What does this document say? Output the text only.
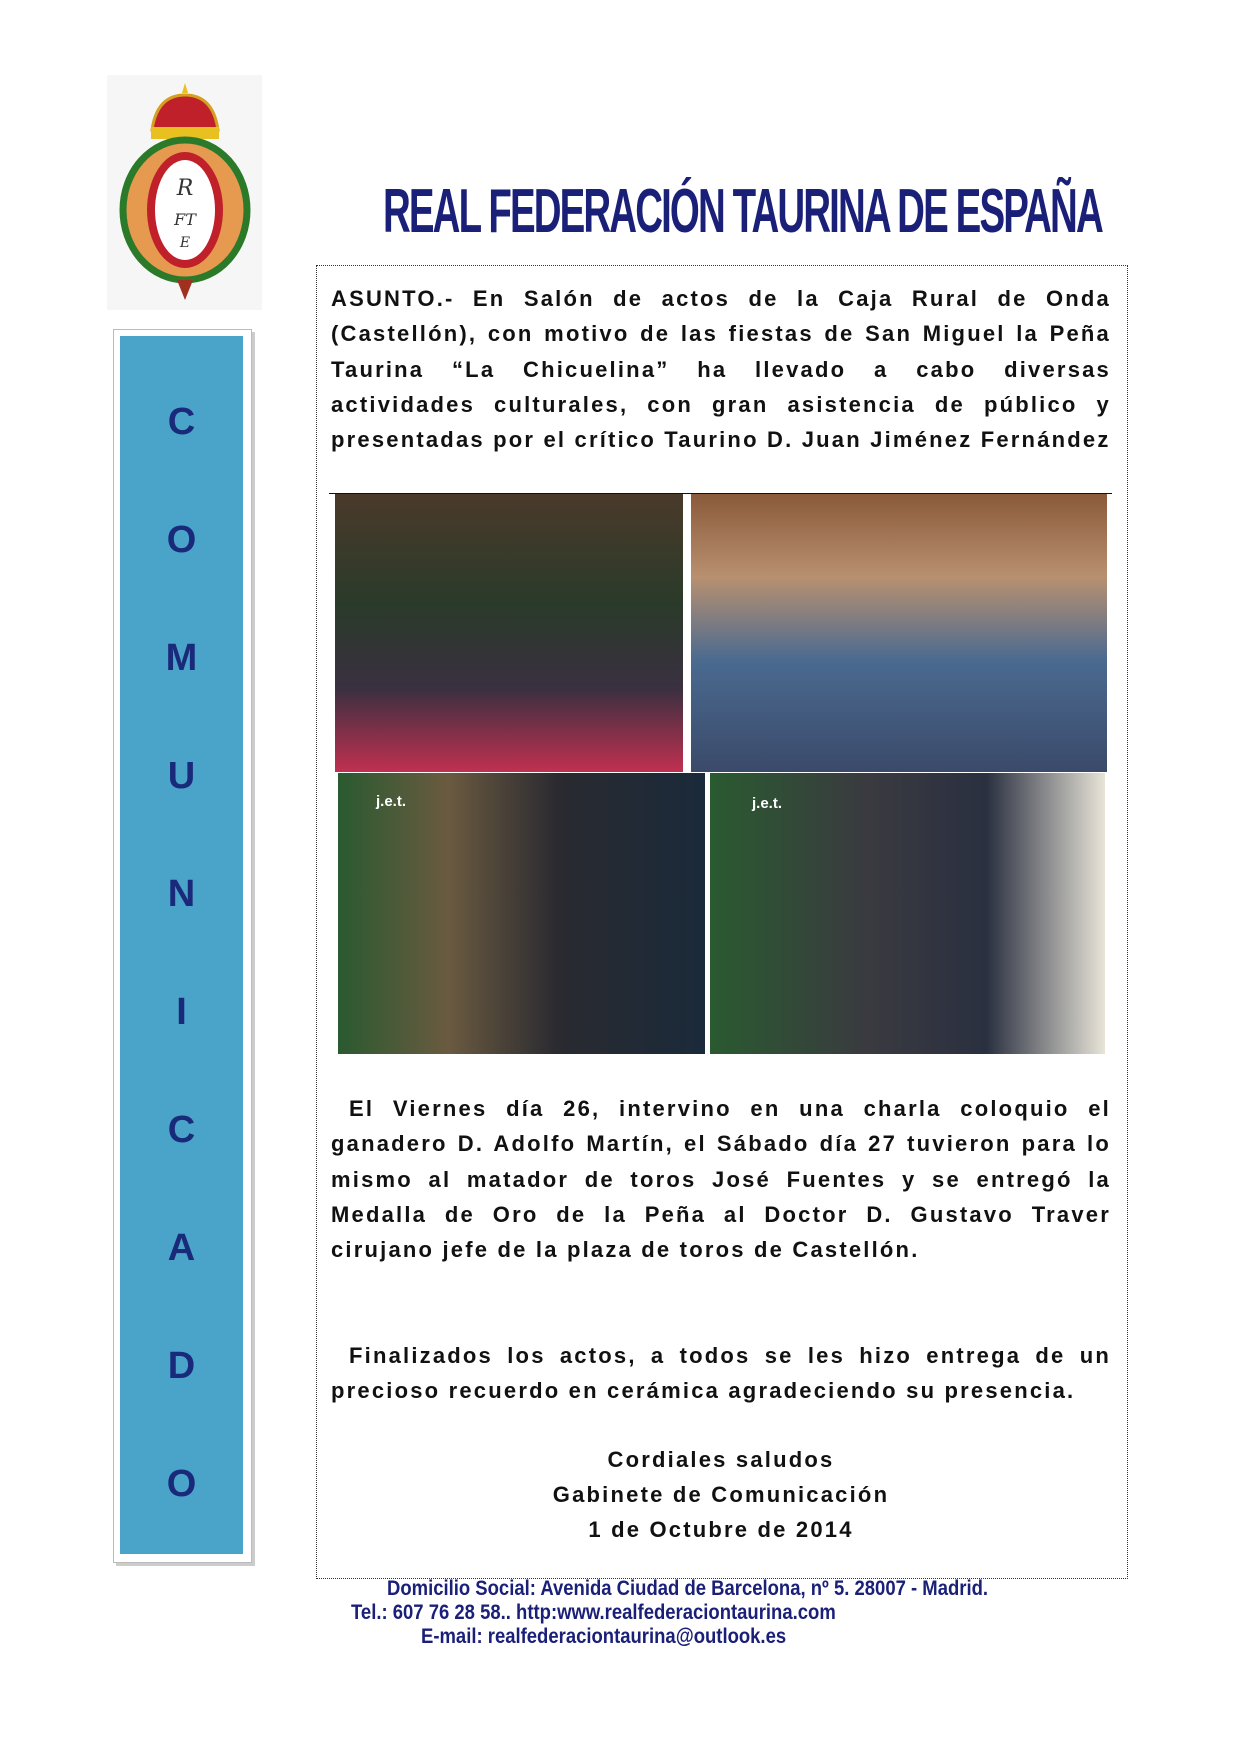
R
FT
E	REAL FEDERACIÓN TAURINA DE ESPAÑA
C
O
M
U
N
I
C
A
D
O
ASUNTO.- En Salón de actos de la Caja Rural de Onda (Castellón), con motivo de las fiestas de San Miguel la Peña Taurina “La Chicuelina” ha llevado a cabo diversas actividades culturales, con gran asistencia de público y presentadas por el crítico Taurino D. Juan Jiménez Fernández
j.e.t.	j.e.t.
El Viernes día 26, intervino en una charla coloquio el ganadero D. Adolfo Martín, el Sábado día 27 tuvieron para lo mismo al matador de toros José Fuentes y se entregó la Medalla de Oro de la Peña al Doctor D. Gustavo Traver cirujano jefe de la plaza de toros de Castellón.
Finalizados los actos, a todos se les hizo entrega de un precioso recuerdo en cerámica agradeciendo su presencia.
Cordiales saludos
Gabinete de Comunicación
1 de Octubre de 2014
Domicilio Social: Avenida Ciudad de Barcelona, nº 5. 28007 - Madrid.
Tel.: 607 76 28 58.. http:www.realfederaciontaurina.com
E-mail: realfederaciontaurina@outlook.es
